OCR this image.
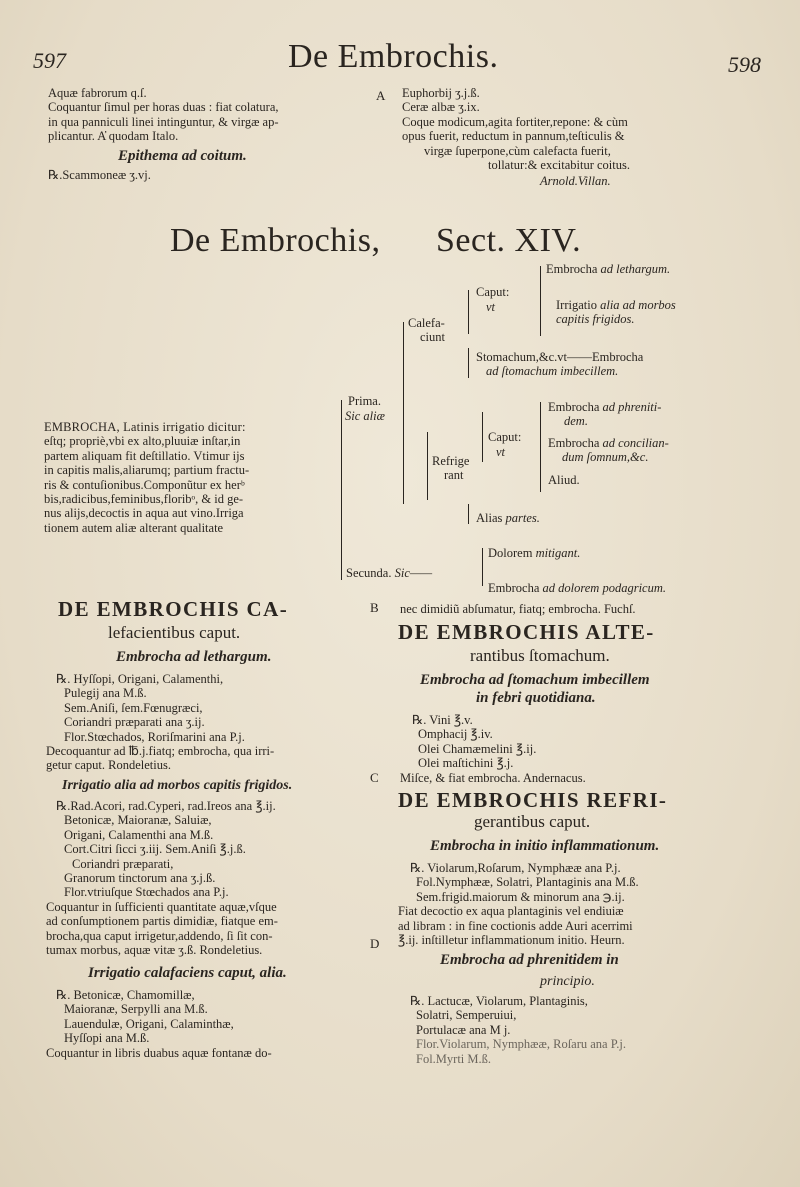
597	De Embrochis.	598
Aquæ fabrorum q.ſ.
Coquantur ſimul per horas duas : fiat colatura,
in qua panniculi linei intinguntur, & virgæ ap-
plicantur. A̓ quodam Italo.
Epithema ad coitum.
℞.Scammoneæ ʒ.vj.
A Euphorbij ʒ.j.ß.
Ceræ albæ ʒ.ix.
Coque modicum,agita fortiter,repone: & cùm
opus fuerit, reductum in pannum,teſticulis &
virgæ ſuperpone,cùm calefacta fuerit,
tollatur:& excitabitur coitus.
Arnold.Villan.
De Embrochis, Sect. XIV.
EMBROCHA, Latinis irrigatio dicitur:
eſtq; propriè,vbi ex alto,pluuiæ inſtar,in
partem aliquam fit deſtillatio. Vtimur ijs
in capitis malis,aliarumq; partium fractu-
ris & contuſionibus.Componũtur ex herᵇ
bis,radicibus,feminibus,floribᵒ, & id ge-
nus alijs,decoctis in aqua aut vino.Irriga
tionem autem aliæ alterant qualitate
Prima.
Sic aliæ
Calefa-
ciunt
Caput:
vt
Embrocha ad lethargum.
Irrigatio alia ad morbos
capitis frigidos.
Stomachum,&c.vt——Embrocha
ad ſtomachum imbecillem.
Refrige
rant
Caput:
vt
Embrocha ad phreniti-
dem.
Embrocha ad concilian-
dum ſomnum,&c.
Aliud.
Alias partes.
Secunda. Sic——
Dolorem mitigant.
Embrocha ad dolorem podagricum.
B
C
D
DE EMBROCHIS CA-
lefacientibus caput.
Embrocha ad lethargum.
℞. Hyſſopi, Origani, Calamenthi,
Pulegij ana M.ß.
Sem.Aniſi, ſem.Fœnugræci,
Coriandri præparati ana ʒ.ij.
Flor.Stœchados, Roriſmarini ana P.j.
Decoquantur ad ℔.j.fiatq; embrocha, qua irri-
getur caput. Rondeletius.
Irrigatio alia ad morbos capitis frigidos.
℞.Rad.Acori, rad.Cyperi, rad.Ireos ana ℥.ij.
Betonicæ, Maioranæ, Saluiæ,
Origani, Calamenthi ana M.ß.
Cort.Citri ſicci ʒ.iij. Sem.Aniſi ℥.j.ß.
Coriandri præparati,
Granorum tinctorum ana ʒ.j.ß.
Flor.vtriuſque Stœchados ana P.j.
Coquantur in ſufficienti quantitate aquæ,vſque
ad conſumptionem partis dimidiæ, fiatque em-
brocha,qua caput irrigetur,addendo, ſi ſit con-
tumax morbus, aquæ vitæ ʒ.ß. Rondeletius.
Irrigatio calafaciens caput, alia.
℞. Betonicæ, Chamomillæ,
Maioranæ, Serpylli ana M.ß.
Lauendulæ, Origani, Calaminthæ,
Hyſſopi ana M.ß.
Coquantur in libris duabus aquæ fontanæ do-
nec dimidiũ abſumatur, fiatq; embrocha. Fuchſ.
DE EMBROCHIS ALTE-
rantibus ſtomachum.
Embrocha ad ſtomachum imbecillem
in febri quotidiana.
℞. Vini ℥.v.
Omphacij ℥.iv.
Olei Chamæmelini ℥.ij.
Olei maſtichini ℥.j.
Miſce, & fiat embrocha. Andernacus.
DE EMBROCHIS REFRI-
gerantibus caput.
Embrocha in initio inflammationum.
℞. Violarum,Roſarum, Nymphææ ana P.j.
Fol.Nymphææ, Solatri, Plantaginis ana M.ß.
Sem.frigid.maiorum & minorum ana ℈.ij.
Fiat decoctio ex aqua plantaginis vel endiuiæ
ad libram : in fine coctionis adde Auri acerrimi
℥.ij. inſtilletur inflammationum initio. Heurn.
Embrocha ad phrenitidem in
principio.
℞. Lactucæ, Violarum, Plantaginis,
Solatri, Semperuiui,
Portulacæ ana M j.
Flor.Violarum, Nymphææ, Roſaru ana P.j.
Fol.Myrti M.ß.
